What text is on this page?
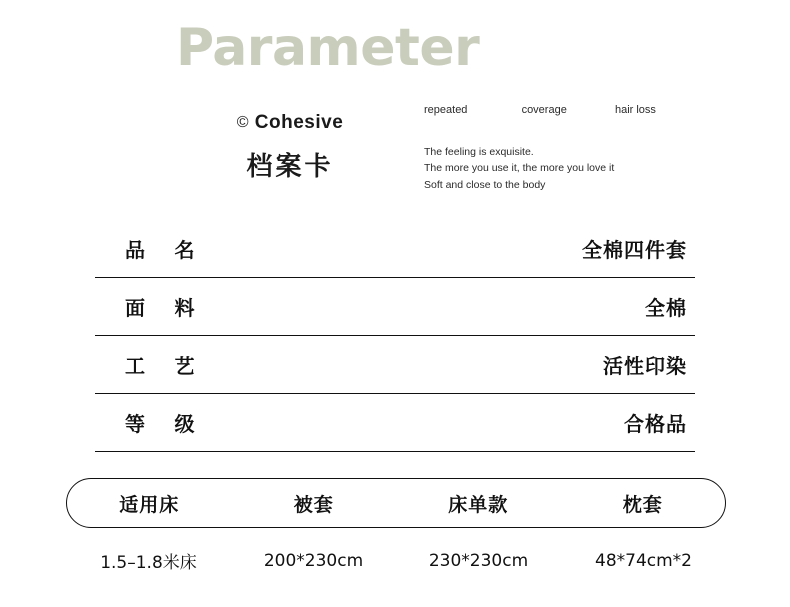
Parameter
© Cohesive
档案卡
repeated	coverage	hair loss
The feeling is exquisite.
The more you use it, the more you love it
Soft and close to the body
品 名	全棉四件套
面 料	全棉
工 艺	活性印染
等 级	合格品
适用床	被套	床单款	枕套
1.5–1.8米床	200*230cm	230*230cm	48*74cm*2
